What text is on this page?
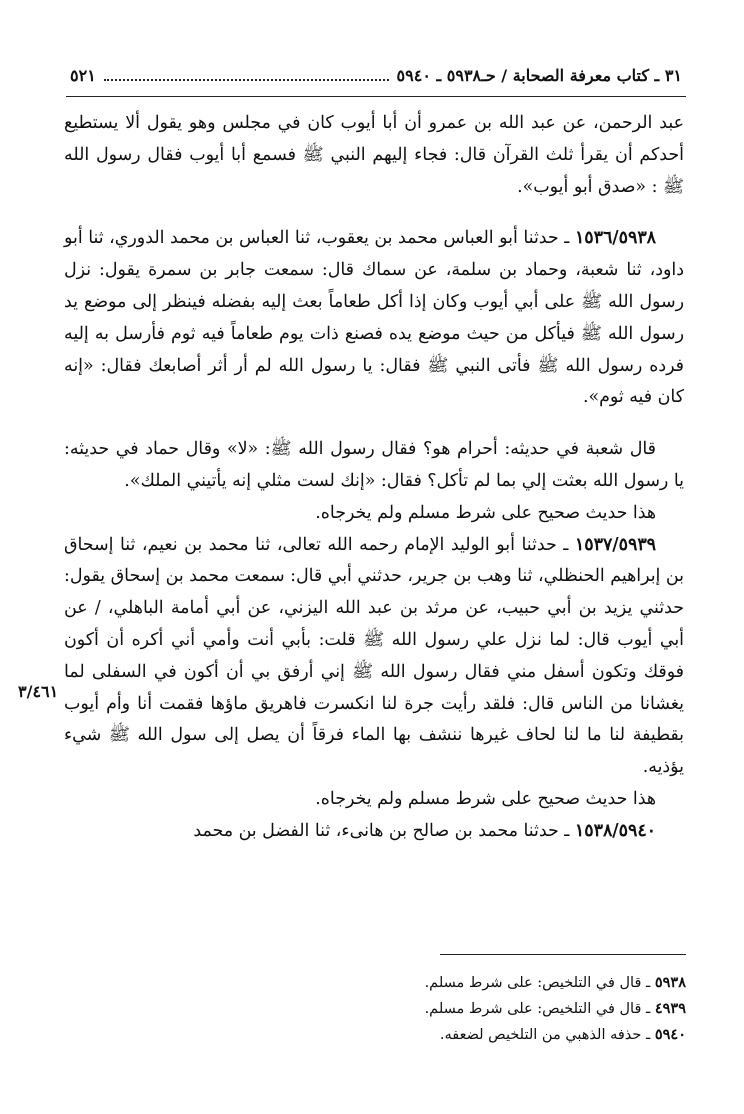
٣١ ـ كتاب معرفة الصحابة / حـ٥٩٣٨ ـ ٥٩٤٠
٥٢١

عبد الرحمن، عن عبد الله بن عمرو أن أبا أيوب كان في مجلس وهو يقول ألا يستطيع أحدكم أن يقرأ ثلث القرآن قال: فجاء إليهم النبي ﷺ فسمع أبا أيوب فقال رسول الله ﷺ : «صدق أبو أيوب».

١٥٣٦/٥٩٣٨ ـ حدثنا أبو العباس محمد بن يعقوب، ثنا العباس بن محمد الدوري، ثنا أبو داود، ثنا شعبة، وحماد بن سلمة، عن سماك قال: سمعت جابر بن سمرة يقول: نزل رسول الله ﷺ على أبي أيوب وكان إذا أكل طعاماً بعث إليه بفضله فينظر إلى موضع يد رسول الله ﷺ فيأكل من حيث موضع يده فصنع ذات يوم طعاماً فيه ثوم فأرسل به إليه فرده رسول الله ﷺ فأتى النبي ﷺ فقال: يا رسول الله لم أر أثر أصابعك فقال: «إنه كان فيه ثوم».

قال شعبة في حديثه: أحرام هو؟ فقال رسول الله ﷺ: «لا» وقال حماد في حديثه: يا رسول الله بعثت إلي بما لم تأكل؟ فقال: «إنك لست مثلي إنه يأتيني الملك».

هذا حديث صحيح على شرط مسلم ولم يخرجاه.

١٥٣٧/٥٩٣٩ ـ حدثنا أبو الوليد الإمام رحمه الله تعالى، ثنا محمد بن نعيم، ثنا إسحاق بن إبراهيم الحنظلي، ثنا وهب بن جرير، حدثني أبي قال: سمعت محمد بن إسحاق يقول: حدثني يزيد بن أبي حبيب، عن مرثد بن عبد الله اليزني، عن أبي أمامة الباهلي، / عن أبي أيوب قال: لما نزل علي رسول الله ﷺ قلت: بأبي أنت وأمي أني أكره أن أكون فوقك وتكون أسفل مني فقال رسول الله ﷺ إني أرفق بي أن أكون في السفلى لما يغشانا من الناس قال: فلقد رأيت جرة لنا انكسرت فاهريق ماؤها فقمت أنا وأم أيوب بقطيفة لنا ما لنا لحاف غيرها ننشف بها الماء فرقاً أن يصل إلى سول الله ﷺ شيء يؤذيه.

هذا حديث صحيح على شرط مسلم ولم يخرجاه.

١٥٣٨/٥٩٤٠ ـ حدثنا محمد بن صالح بن هانىء، ثنا الفضل بن محمد

٣/٤٦١

٥٩٣٨ ـ قال في التلخيص: على شرط مسلم.

٤٩٣٩ ـ قال في التلخيص: على شرط مسلم.

٥٩٤٠ ـ حذفه الذهبي من التلخيص لضعفه.
